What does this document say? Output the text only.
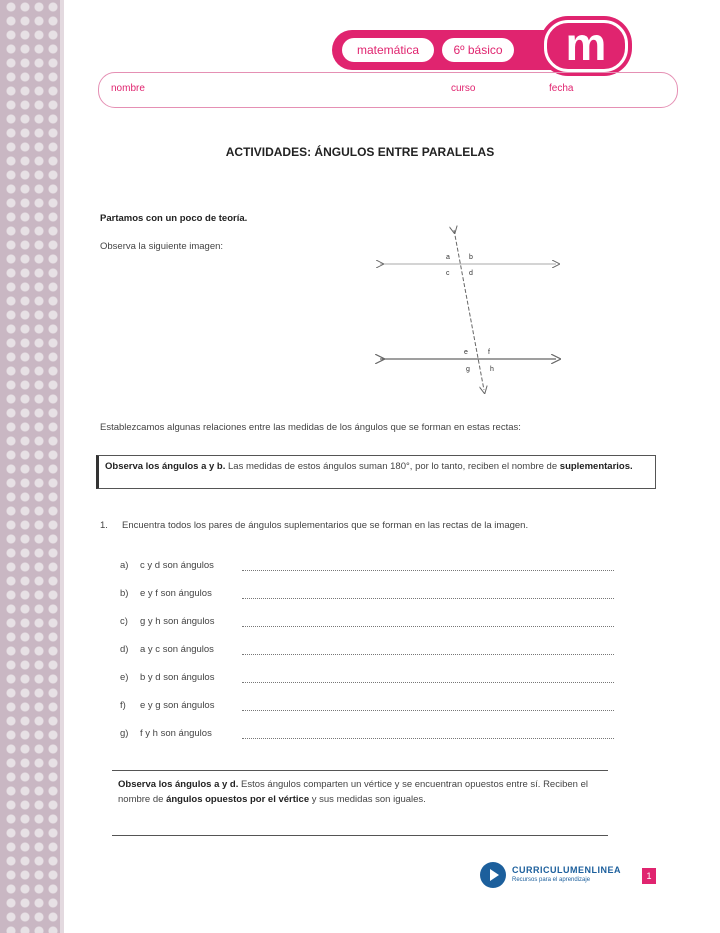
matemática	6º básico	m
nombre	curso	fecha
ACTIVIDADES: ÁNGULOS ENTRE PARALELAS
Partamos con un poco de teoría.
Observa la siguiente imagen:
a	b
c	d
e	f
g	h
Establezcamos algunas relaciones entre las medidas de los ángulos que se forman en estas rectas:
Observa los ángulos a y b. Las medidas de estos ángulos suman 180°, por lo tanto, reciben el nombre de suplementarios.
1. Encuentra todos los pares de ángulos suplementarios que se forman en las rectas de la imagen.
a) c y d son ángulos
b) e y f son ángulos
c) g y h son ángulos
d) a y c son ángulos
e) b y d son ángulos
f) e y g son ángulos
g) f y h son ángulos
Observa los ángulos a y d. Estos ángulos comparten un vértice y se encuentran opuestos entre sí. Reciben el nombre de ángulos opuestos por el vértice y sus medidas son iguales.
CURRICULUMENLINEA
Recursos para el aprendizaje	1
